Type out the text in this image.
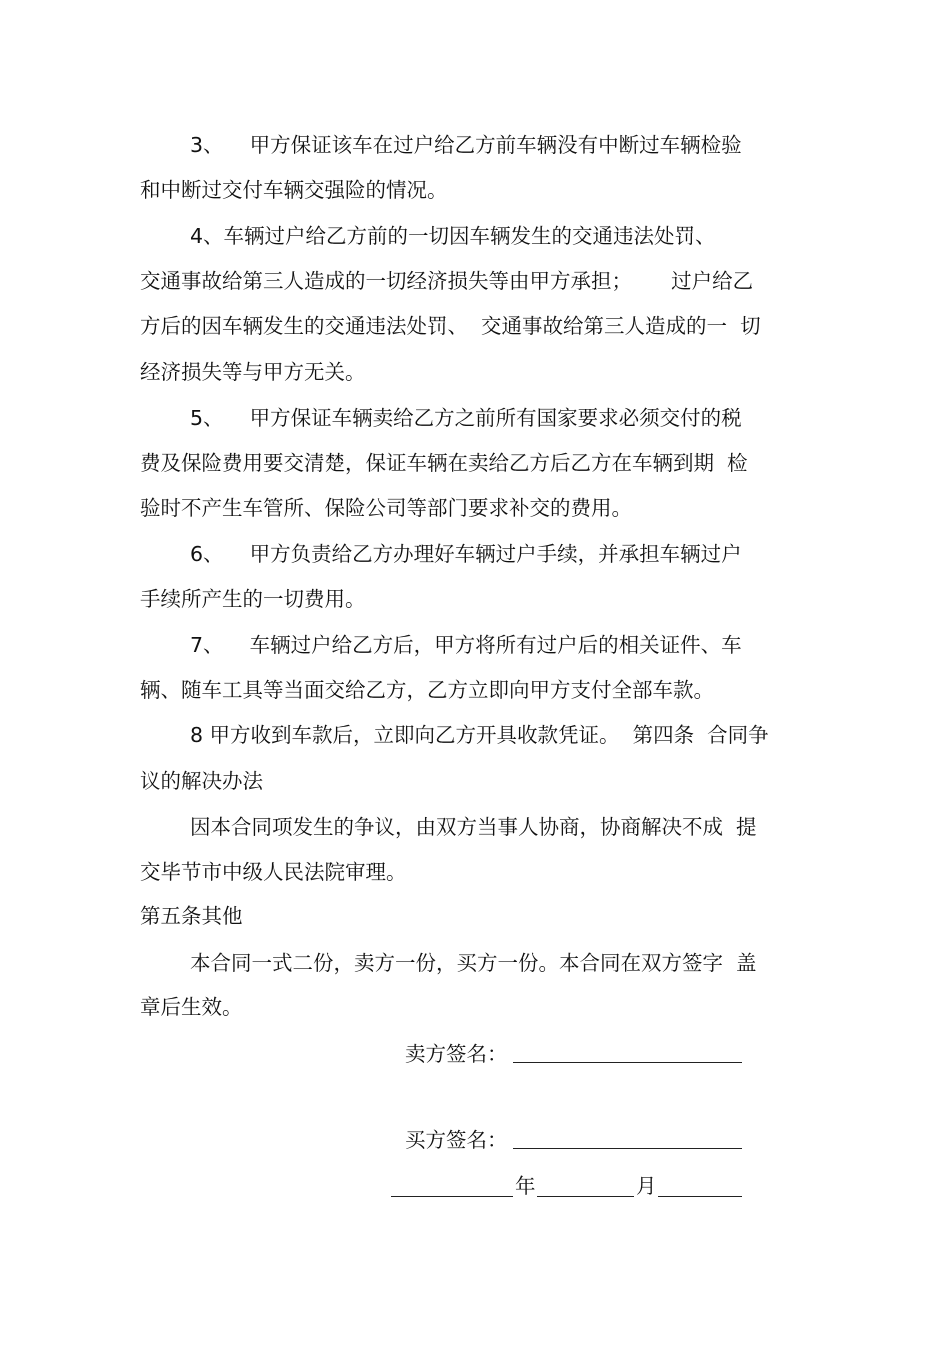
3、    甲方保证该车在过户给乙方前车辆没有中断过车辆检验

和中断过交付车辆交强险的情况。

4、车辆过户给乙方前的一切因车辆发生的交通违法处罚、

交通事故给第三人造成的一切经济损失等由甲方承担；      过户给乙

方后的因车辆发生的交通违法处罚、  交通事故给第三人造成的一  切

经济损失等与甲方无关。

5、    甲方保证车辆卖给乙方之前所有国家要求必须交付的税

费及保险费用要交清楚，保证车辆在卖给乙方后乙方在车辆到期  检

验时不产生车管所、保险公司等部门要求补交的费用。

6、    甲方负责给乙方办理好车辆过户手续，并承担车辆过户

手续所产生的一切费用。

7、    车辆过户给乙方后，甲方将所有过户后的相关证件、车

辆、随车工具等当面交给乙方，乙方立即向甲方支付全部车款。

8 甲方收到车款后，立即向乙方开具收款凭证。  第四条  合同争

议的解决办法

因本合同项发生的争议，由双方当事人协商，协商解决不成  提

交毕节市中级人民法院审理。

第五条其他

本合同一式二份，卖方一份，买方一份。本合同在双方签字  盖

章后生效。

卖方签名：

买方签名：

年	月
